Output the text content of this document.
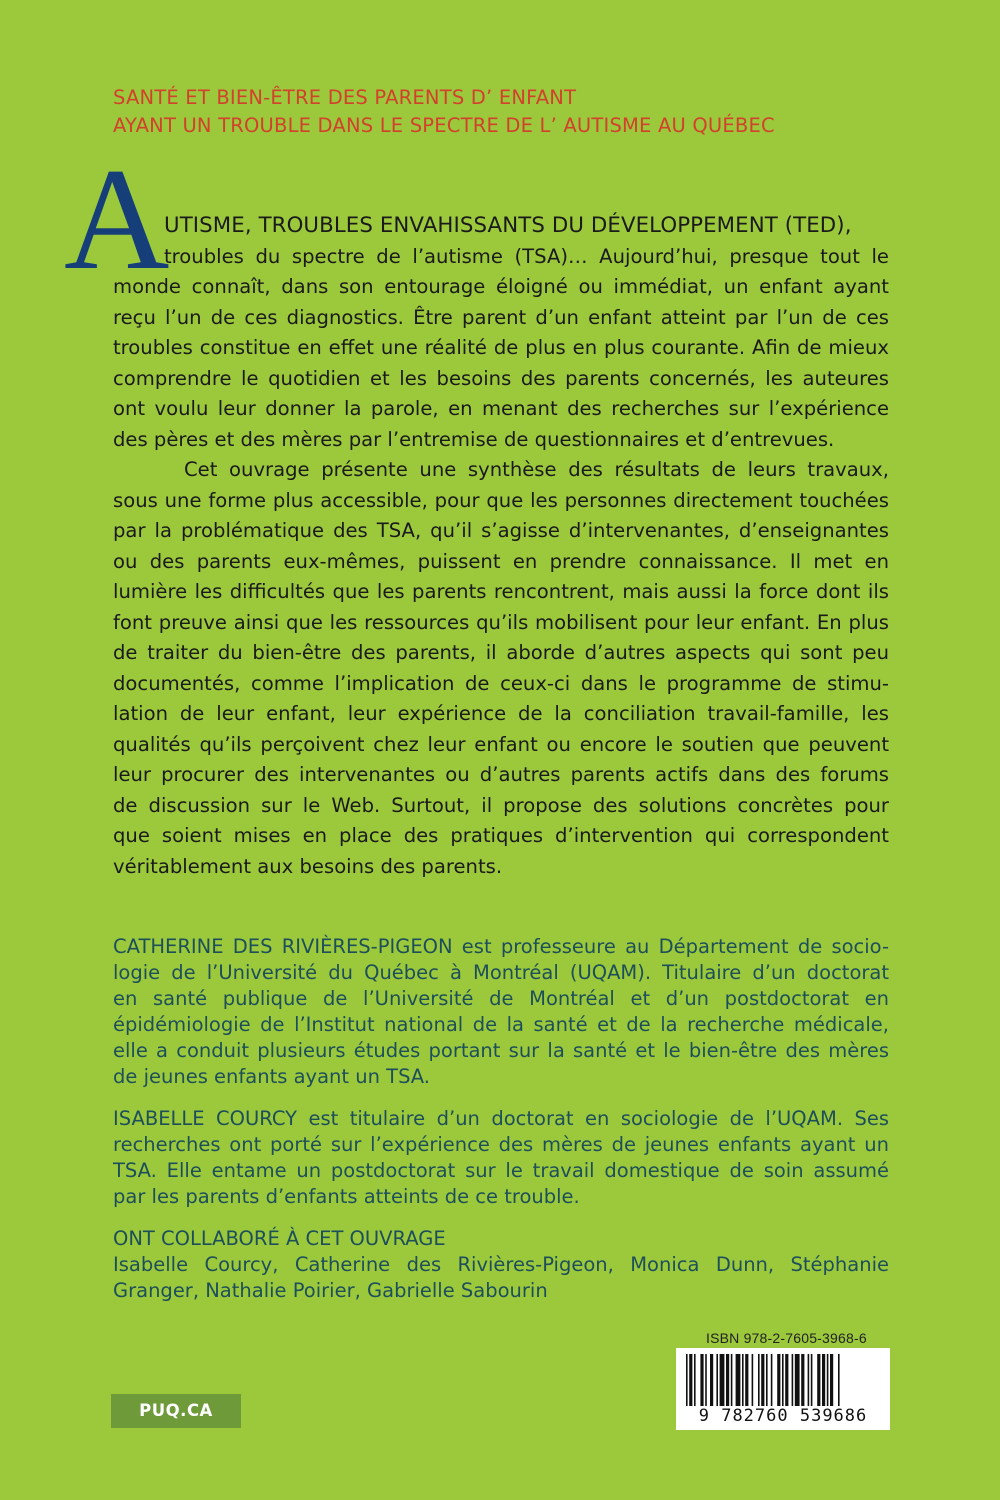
SANTÉ ET BIEN-ÊTRE DES PARENTS D’ ENFANT
AYANT UN TROUBLE DANS LE SPECTRE DE L’ AUTISME AU QUÉBEC
A
UTISME, TROUBLES ENVAHISSANTS DU DÉVELOPPEMENT (TED),
troubles du spectre de l’autisme (TSA)… Aujourd’hui, presque tout le
monde connaît, dans son entourage éloigné ou immédiat, un enfant ayant
reçu l’un de ces diagnostics. Être parent d’un enfant atteint par l’un de ces
troubles constitue en effet une réalité de plus en plus courante. Afin de mieux
comprendre le quotidien et les besoins des parents concernés, les auteures
ont voulu leur donner la parole, en menant des recherches sur l’expérience
des pères et des mères par l’entremise de questionnaires et d’entrevues.
Cet ouvrage présente une synthèse des résultats de leurs travaux,
sous une forme plus accessible, pour que les personnes directement touchées
par la problématique des TSA, qu’il s’agisse d’intervenantes, d’enseignantes
ou des parents eux-mêmes, puissent en prendre connaissance. Il met en
lumière les difficultés que les parents rencontrent, mais aussi la force dont ils
font preuve ainsi que les ressources qu’ils mobilisent pour leur enfant. En plus
de traiter du bien-être des parents, il aborde d’autres aspects qui sont peu
documentés, comme l’implication de ceux-ci dans le programme de stimu-
lation de leur enfant, leur expérience de la conciliation travail-famille, les
qualités qu’ils perçoivent chez leur enfant ou encore le soutien que peuvent
leur procurer des intervenantes ou d’autres parents actifs dans des forums
de discussion sur le Web. Surtout, il propose des solutions concrètes pour
que soient mises en place des pratiques d’intervention qui correspondent
véritablement aux besoins des parents.
CATHERINE DES RIVIÈRES-PIGEON est professeure au Département de socio-
logie de l’Université du Québec à Montréal (UQAM). Titulaire d’un doctorat
en santé publique de l’Université de Montréal et d’un postdoctorat en
épidémiologie de l’Institut national de la santé et de la recherche médicale,
elle a conduit plusieurs études portant sur la santé et le bien-être des mères
de jeunes enfants ayant un TSA.
ISABELLE COURCY est titulaire d’un doctorat en sociologie de l’UQAM. Ses
recherches ont porté sur l’expérience des mères de jeunes enfants ayant un
TSA. Elle entame un postdoctorat sur le travail domestique de soin assumé
par les parents d’enfants atteints de ce trouble.
ONT COLLABORÉ À CET OUVRAGE
Isabelle Courcy, Catherine des Rivières-Pigeon, Monica Dunn, Stéphanie
Granger, Nathalie Poirier, Gabrielle Sabourin
ISBN 978-2-7605-3968-6
9 782760 539686
PUQ.CA
